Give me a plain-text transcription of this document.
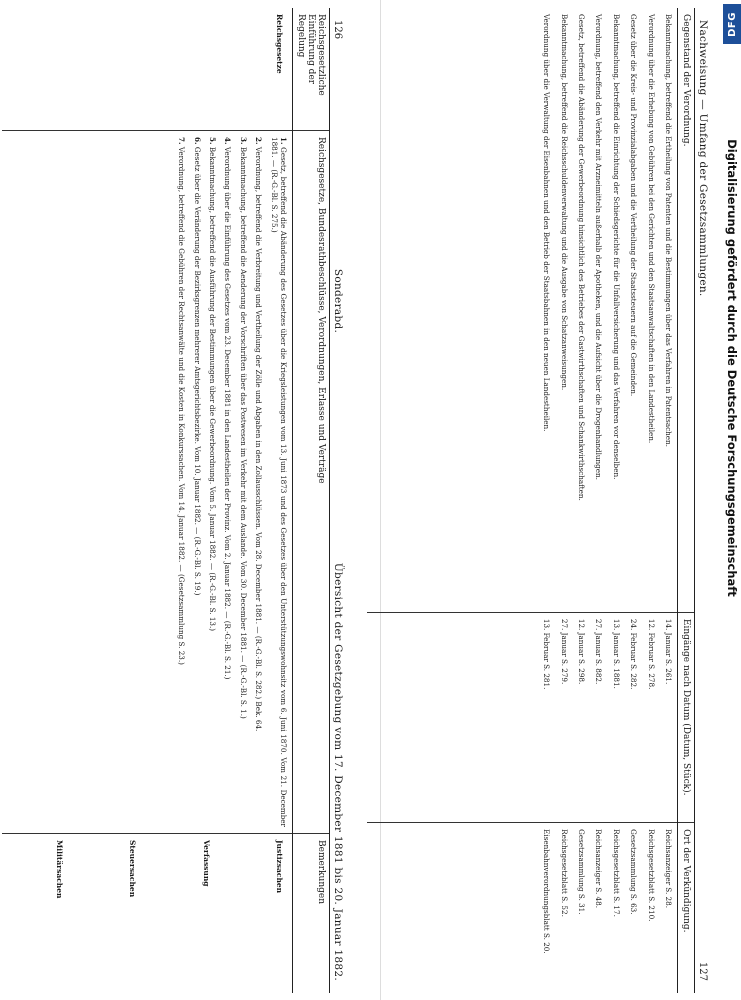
126
Sonderabd.
Übersicht der Gesetzgebung vom 17. December 1881 bis 20. Januar 1882.
Reichsgesetzliche Einführung der Regelung
Reichsgesetze, Bundesrathbeschlüsse, Verordnungen, Erlasse und Verträge
Bemerkungen
Reichsgesetze
1. Gesetz, betreffend die Abänderung des Gesetzes über die Kriegsleistungen vom 13. Juni 1873 und des Gesetzes über den Unterstützungswohnsitz vom 6. Juni 1870. Vom 21. December 1881. — (R.-G.-Bl. S. 275.)
2. Verordnung, betreffend die Verbreitung und Vertheilung der Zölle und Abgaben in den Zollausschlüssen. Vom 28. December 1881. — (R.-G.-Bl. S. 282.) Bek. 64.
3. Bekanntmachung, betreffend die Aenderung der Vorschriften über das Postwesen im Verkehr mit dem Auslande. Vom 30. December 1881. — (R.-G.-Bl. S. 1.)
4. Verordnung über die Einführung des Gesetzes vom 23. December 1881 in den Landestheilen der Provinz. Vom 2. Januar 1882. — (R.-G.-Bl. S. 21.)
5. Bekanntmachung, betreffend die Ausführung der Bestimmungen über die Gewerbeordnung. Vom 5. Januar 1882. — (R.-G.-Bl. S. 13.)
6. Gesetz über die Veränderung der Bezirksgrenzen mehrerer Amtsgerichtsbezirke. Vom 10. Januar 1882. — (R.-G.-Bl. S. 19.)
7. Verordnung, betreffend die Gebühren der Rechtsanwälte und die Kosten in Konkurssachen. Vom 14. Januar 1882. — (Gesetzsammlung S. 23.)
Justizsachen
Verfassung
Steuersachen
Militärsachen
Nachweisung — Umfang der Gesetzsammlungen.
127
Gegenstand der Verordnung.
Eingänge nach Datum (Datum, Stück).
Ort der Verkündigung.
Bekanntmachung, betreffend die Ertheilung von Patenten und die Bestimmungen über das Verfahren in Patentsachen.
Verordnung über die Erhebung von Gebühren bei den Gerichten und den Staatsanwaltschaften in den Landestheilen.
Gesetz über die Kreis- und Provinzialabgaben und die Vertheilung der Staatssteuern auf die Gemeinden.
Bekanntmachung, betreffend die Einrichtung der Schiedsgerichte für die Unfallversicherung und das Verfahren vor denselben.
Verordnung, betreffend den Verkehr mit Arzneimitteln außerhalb der Apotheken, und die Aufsicht über die Drogenhandlungen.
Gesetz, betreffend die Abänderung der Gewerbeordnung hinsichtlich des Betriebes der Gastwirthschaften und Schankwirthschaften.
Bekanntmachung, betreffend die Reichsschuldenverwaltung und die Ausgabe von Schatzanweisungen.
Verordnung über die Verwaltung der Eisenbahnen und den Betrieb der Staatsbahnen in den neuen Landestheilen.
14. Januar S. 261.
12. Februar S. 278.
24. Februar S. 282.
13. Januar S. 1881.
27. Januar S. 882.
12. Januar S. 298.
27. Januar S. 279.
13. Februar S. 281.
Reichsanzeiger S. 28.
Reichsgesetzblatt S. 210.
Gesetzsammlung S. 63.
Reichsgesetzblatt S. 17.
Reichsanzeiger S. 48.
Gesetzsammlung S. 31.
Reichsgesetzblatt S. 52.
Eisenbahnverordnungsblatt S. 20.
DFG
Digitalisierung gefördert durch die Deutsche Forschungsgemeinschaft
